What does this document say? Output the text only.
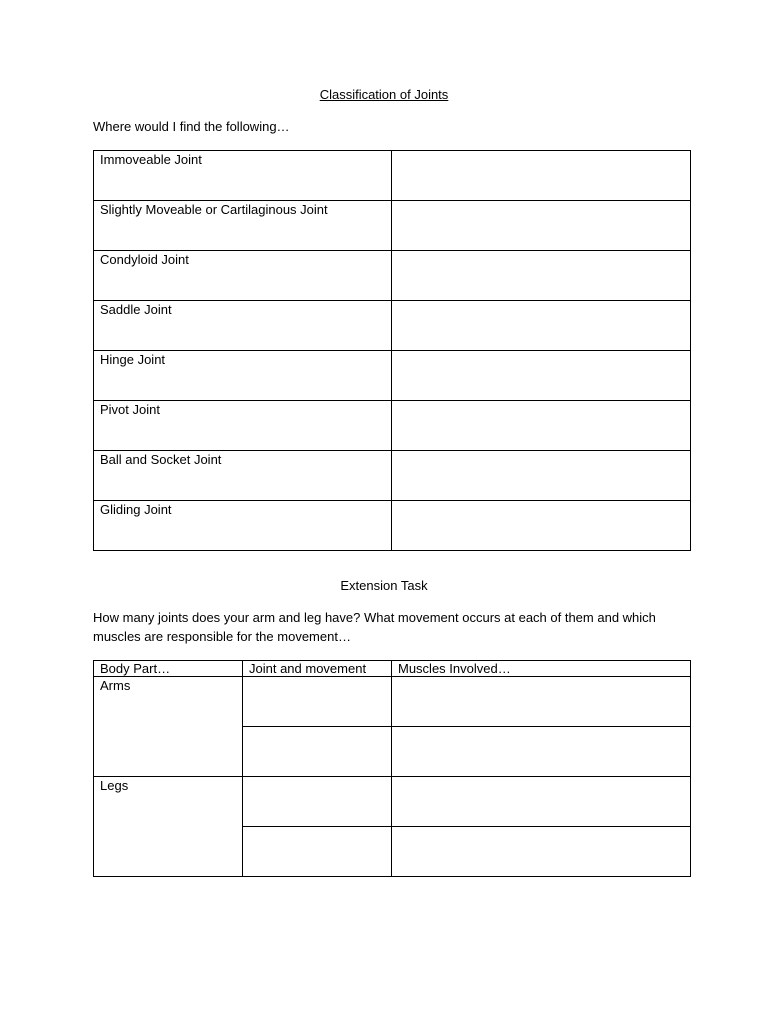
Classification of Joints
Where would I find the following…
Immoveable Joint	
Slightly Moveable or Cartilaginous Joint	
Condyloid Joint	
Saddle Joint	
Hinge Joint	
Pivot Joint	
Ball and Socket Joint	
Gliding Joint	
Extension Task
How many joints does your arm and leg have? What movement occurs at each of them and which muscles are responsible for the movement…
Body Part…	Joint and movement	Muscles Involved…
Arms		

Legs		
